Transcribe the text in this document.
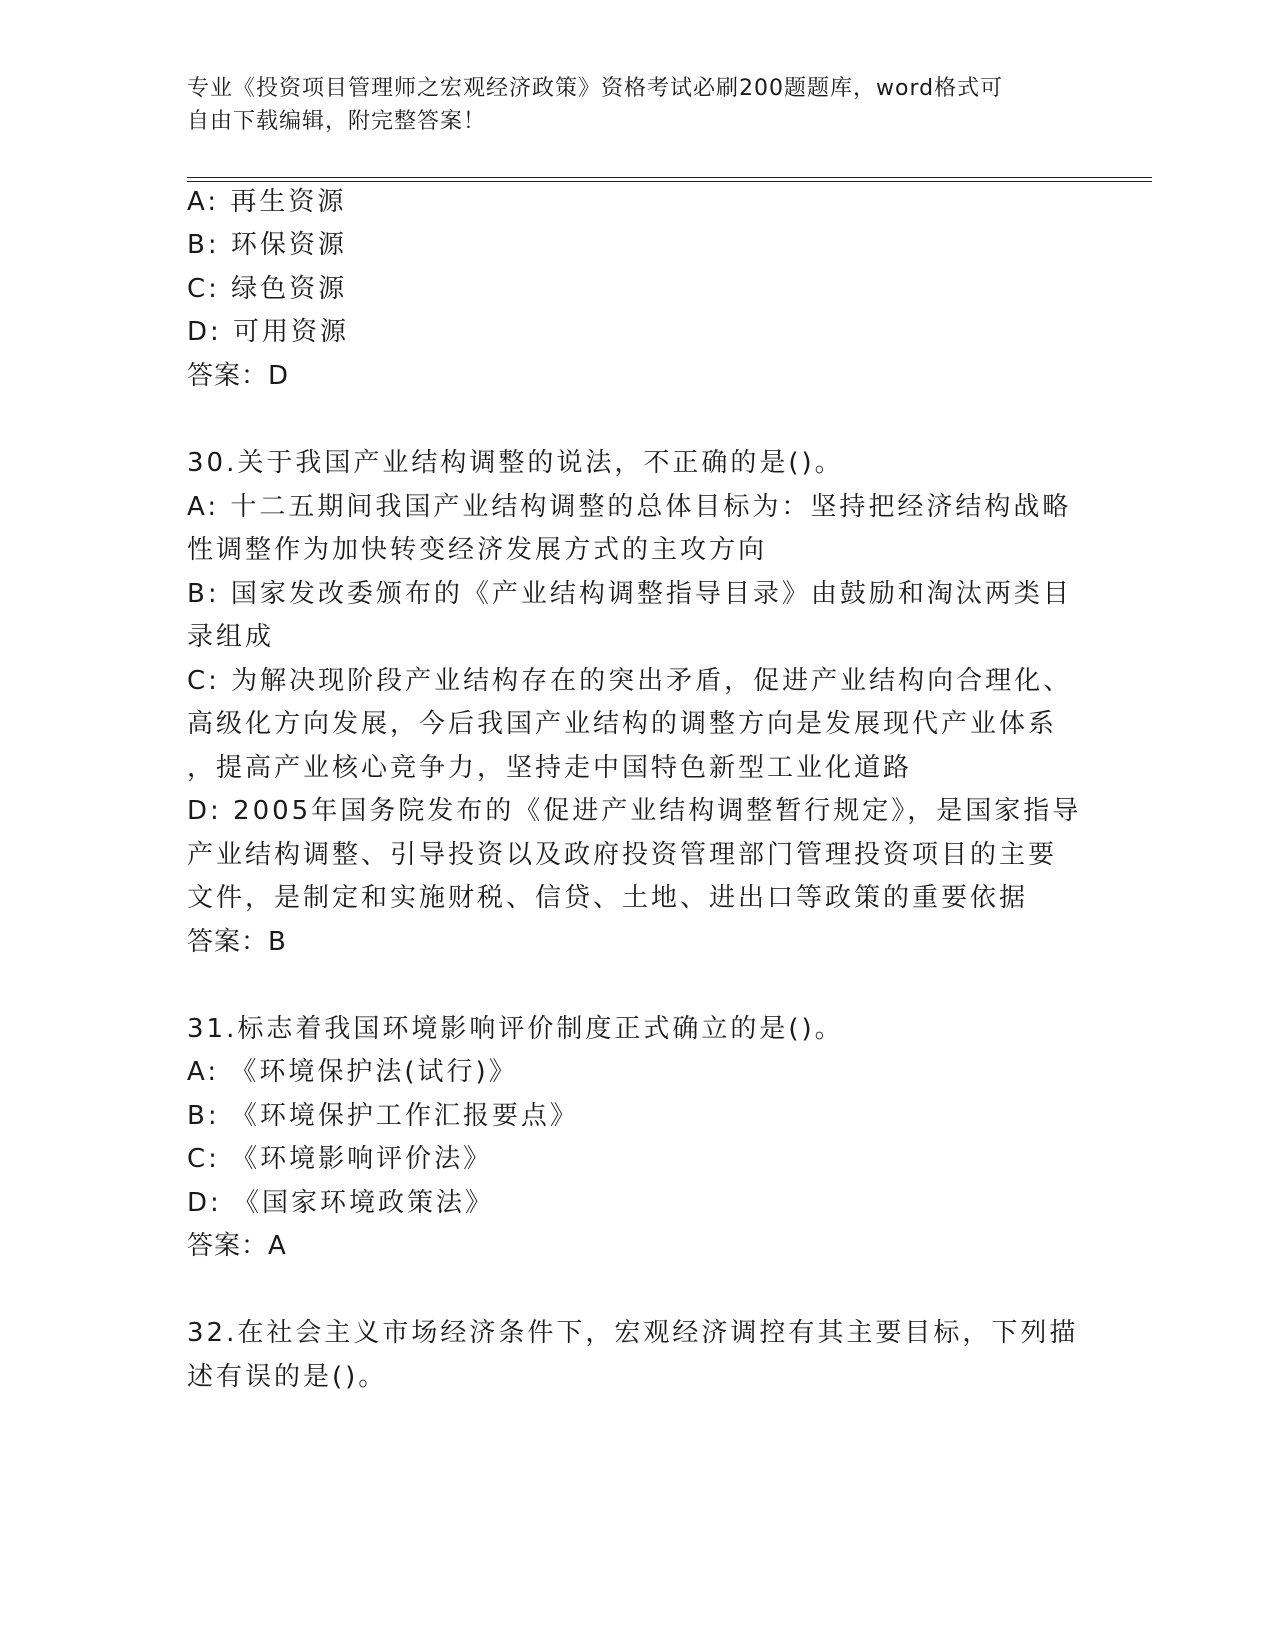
专业《投资项目管理师之宏观经济政策》资格考试必刷200题题库，word格式可
自由下载编辑，附完整答案！
A: 再生资源
B: 环保资源
C: 绿色资源
D: 可用资源
答案：D
30.关于我国产业结构调整的说法，不正确的是()。
A: 十二五期间我国产业结构调整的总体目标为：坚持把经济结构战略
性调整作为加快转变经济发展方式的主攻方向
B: 国家发改委颁布的《产业结构调整指导目录》由鼓励和淘汰两类目
录组成
C: 为解决现阶段产业结构存在的突出矛盾，促进产业结构向合理化、
高级化方向发展，今后我国产业结构的调整方向是发展现代产业体系
，提高产业核心竞争力，坚持走中国特色新型工业化道路
D: 2005年国务院发布的《促进产业结构调整暂行规定》，是国家指导
产业结构调整、引导投资以及政府投资管理部门管理投资项目的主要
文件，是制定和实施财税、信贷、土地、进出口等政策的重要依据
答案：B
31.标志着我国环境影响评价制度正式确立的是()。
A: 《环境保护法(试行)》
B: 《环境保护工作汇报要点》
C: 《环境影响评价法》
D: 《国家环境政策法》
答案：A
32.在社会主义市场经济条件下，宏观经济调控有其主要目标，下列描
述有误的是()。
